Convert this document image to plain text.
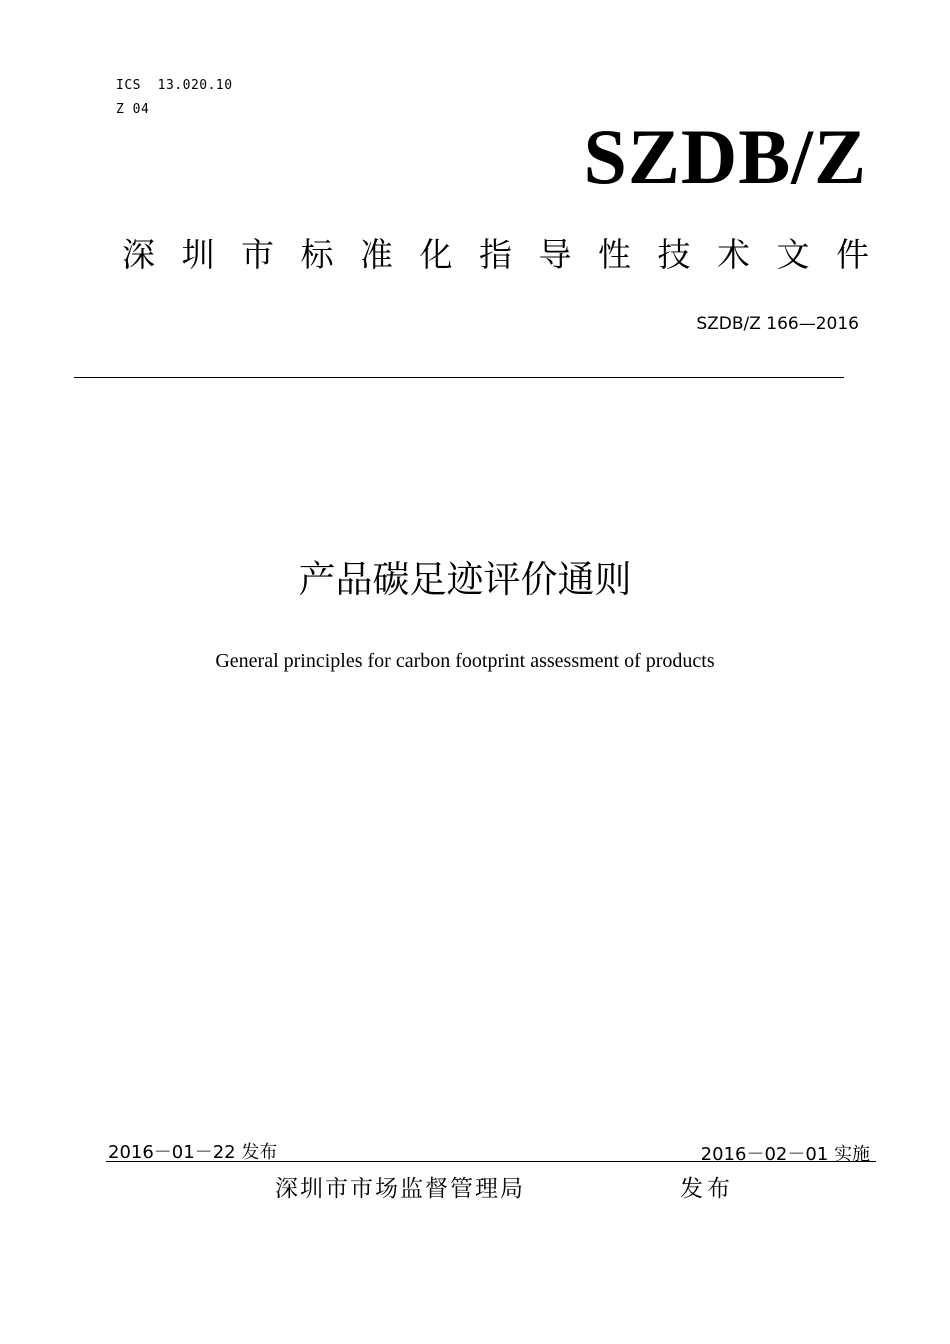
ICS  13.020.10
Z 04
SZDB/Z
深圳市标准化指导性技术文件
SZDB/Z 166—2016
产品碳足迹评价通则
General principles for carbon footprint assessment of products
2016－01－22 发布	2016－02－01 实施
深圳市市场监督管理局	发布
